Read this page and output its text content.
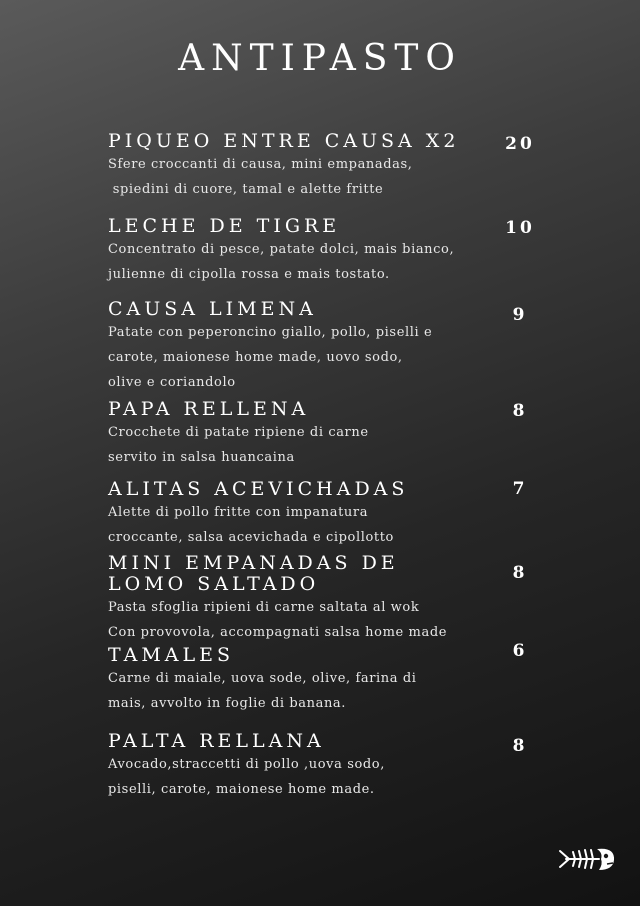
ANTIPASTO
PIQUEO ENTRE CAUSA X2
Sfere croccanti di causa, mini empanadas,
spiedini di cuore, tamal e alette fritte
20
LECHE DE TIGRE
Concentrato di pesce, patate dolci, mais bianco,
julienne di cipolla rossa e mais tostato.
10
CAUSA LIMENA
Patate con peperoncino giallo, pollo, piselli e
carote, maionese home made, uovo sodo,
olive e coriandolo
9
PAPA RELLENA
Crocchete di patate ripiene di carne
servito in salsa huancaina
8
ALITAS ACEVICHADAS
Alette di pollo fritte con impanatura
croccante, salsa acevichada e cipollotto
7
MINI EMPANADAS DE
LOMO SALTADO
Pasta sfoglia ripieni di carne saltata al wok
Con provovola, accompagnati salsa home made
8
TAMALES
Carne di maiale, uova sode, olive, farina di
mais, avvolto in foglie di banana.
6
PALTA RELLANA
Avocado,straccetti di pollo ,uova sodo,
piselli, carote, maionese home made.
8
